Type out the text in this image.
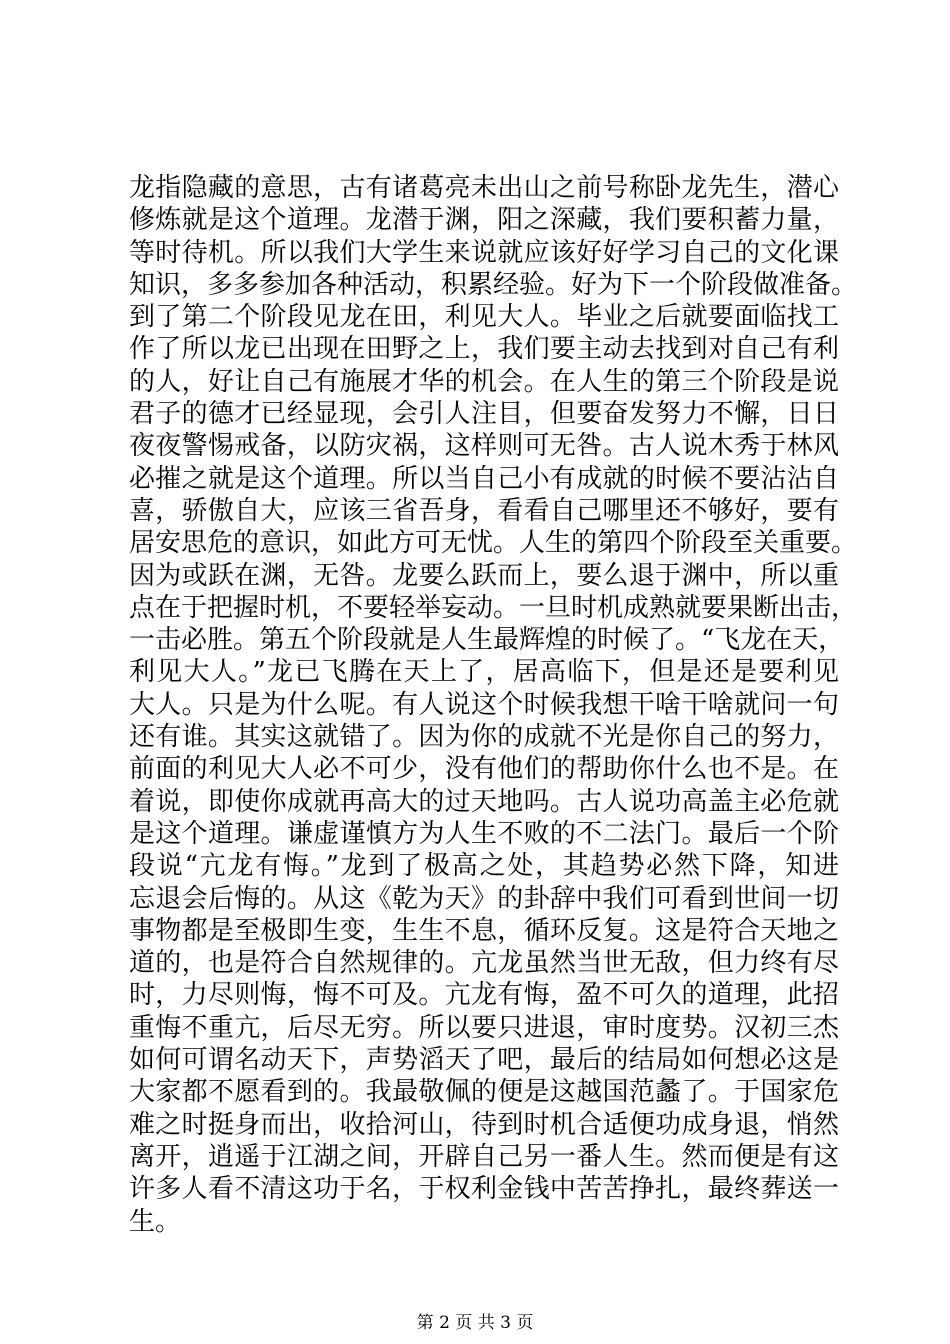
龙指隐藏的意思，古有诸葛亮未出山之前号称卧龙先生，潜心
修炼就是这个道理。龙潜于渊，阳之深藏，我们要积蓄力量，
等时待机。所以我们大学生来说就应该好好学习自己的文化课
知识，多多参加各种活动，积累经验。好为下一个阶段做准备。
到了第二个阶段见龙在田，利见大人。毕业之后就要面临找工
作了所以龙已出现在田野之上，我们要主动去找到对自己有利
的人，好让自己有施展才华的机会。在人生的第三个阶段是说
君子的德才已经显现，会引人注目，但要奋发努力不懈，日日
夜夜警惕戒备，以防灾祸，这样则可无咎。古人说木秀于林风
必摧之就是这个道理。所以当自己小有成就的时候不要沾沾自
喜，骄傲自大，应该三省吾身，看看自己哪里还不够好，要有
居安思危的意识，如此方可无忧。人生的第四个阶段至关重要。
因为或跃在渊，无咎。龙要么跃而上，要么退于渊中，所以重
点在于把握时机，不要轻举妄动。一旦时机成熟就要果断出击，
一击必胜。第五个阶段就是人生最辉煌的时候了。“飞龙在天，
利见大人。”龙已飞腾在天上了，居高临下，但是还是要利见
大人。只是为什么呢。有人说这个时候我想干啥干啥就问一句
还有谁。其实这就错了。因为你的成就不光是你自己的努力，
前面的利见大人必不可少，没有他们的帮助你什么也不是。在
着说，即使你成就再高大的过天地吗。古人说功高盖主必危就
是这个道理。谦虚谨慎方为人生不败的不二法门。最后一个阶
段说“亢龙有悔。”龙到了极高之处，其趋势必然下降，知进
忘退会后悔的。从这《乾为天》的卦辞中我们可看到世间一切
事物都是至极即生变，生生不息，循环反复。这是符合天地之
道的，也是符合自然规律的。亢龙虽然当世无敌，但力终有尽
时，力尽则悔，悔不可及。亢龙有悔，盈不可久的道理，此招
重悔不重亢，后尽无穷。所以要只进退，审时度势。汉初三杰
如何可谓名动天下，声势滔天了吧，最后的结局如何想必这是
大家都不愿看到的。我最敬佩的便是这越国范蠡了。于国家危
难之时挺身而出，收拾河山，待到时机合适便功成身退，悄然
离开，逍遥于江湖之间，开辟自己另一番人生。然而便是有这
许多人看不清这功于名，于权利金钱中苦苦挣扎，最终葬送一
生。
第 2 页 共 3 页
